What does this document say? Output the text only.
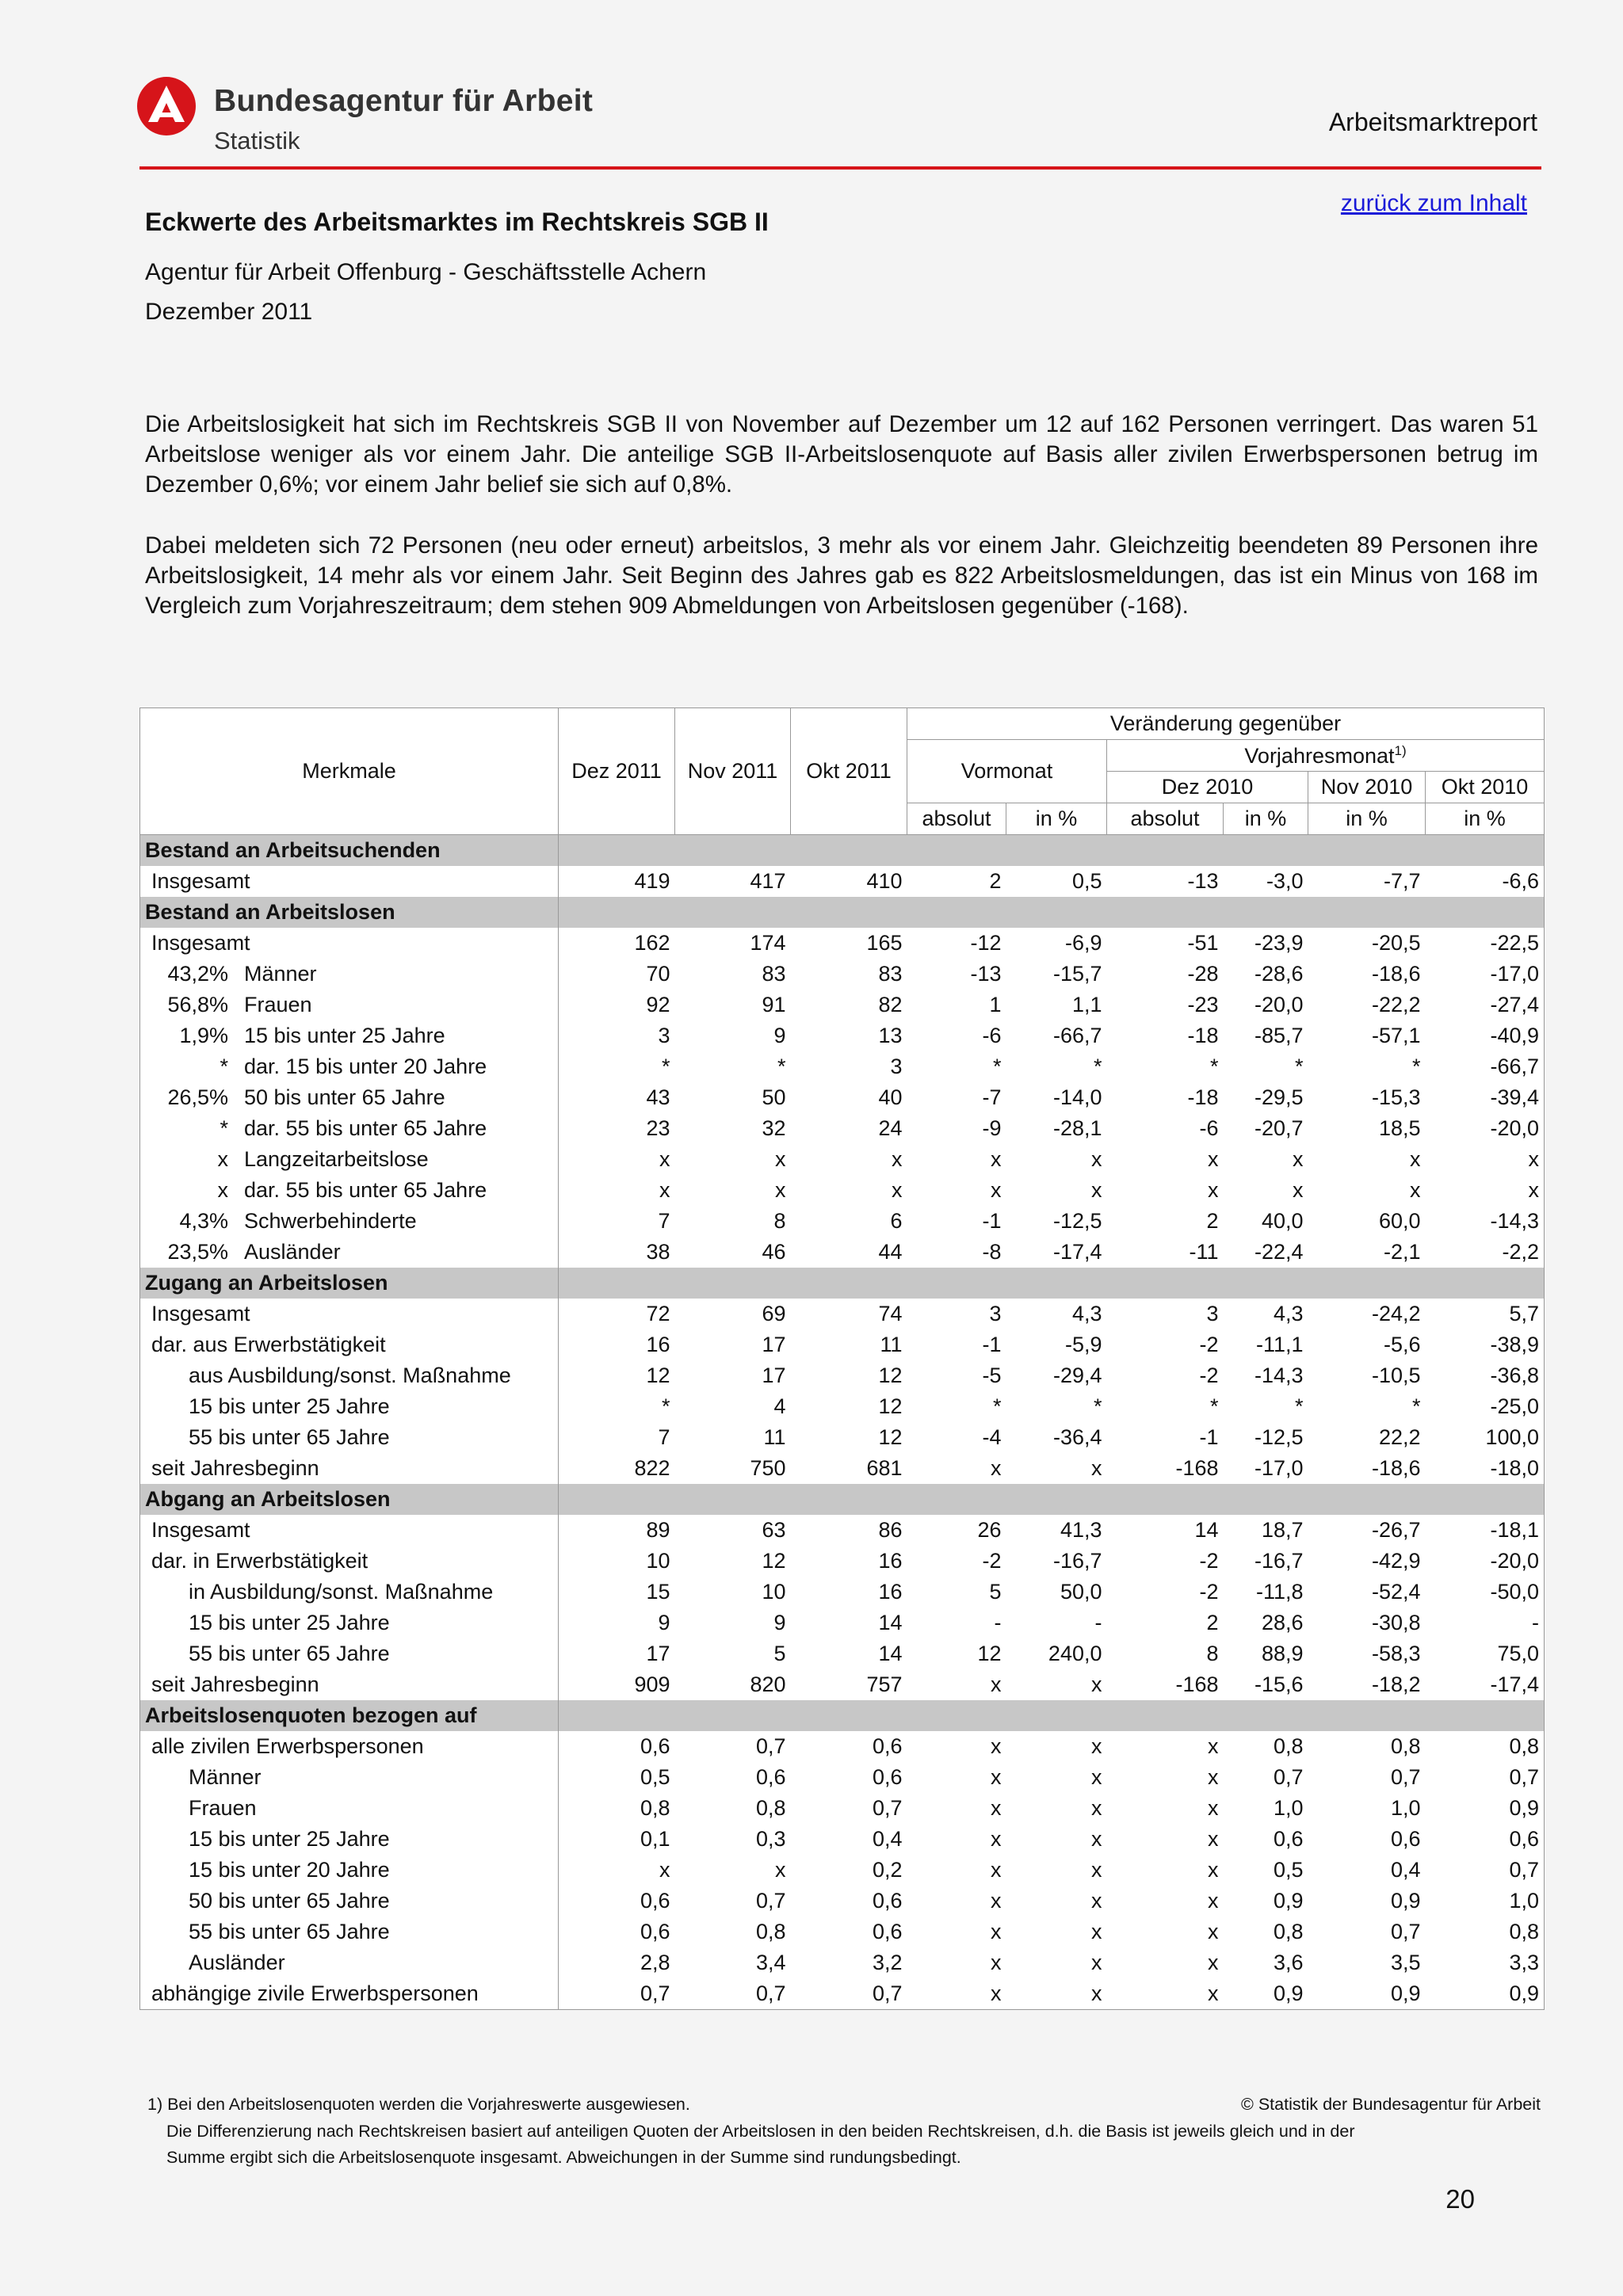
Bundesagentur für Arbeit
Statistik
Arbeitsmarktreport
zurück zum Inhalt
Eckwerte des Arbeitsmarktes im Rechtskreis SGB II
Agentur für Arbeit Offenburg - Geschäftsstelle Achern
Dezember 2011
Die Arbeitslosigkeit hat sich im Rechtskreis SGB II von November auf Dezember um 12 auf 162 Personen verringert. Das waren 51 Arbeitslose weniger als vor einem Jahr. Die anteilige SGB II-Arbeitslosenquote auf Basis aller zivilen Erwerbspersonen betrug im Dezember 0,6%; vor einem Jahr belief sie sich auf 0,8%.
Dabei meldeten sich 72 Personen (neu oder erneut) arbeitslos, 3 mehr als vor einem Jahr. Gleichzeitig beendeten 89 Personen ihre Arbeitslosigkeit, 14 mehr als vor einem Jahr. Seit Beginn des Jahres gab es 822 Arbeitslosmeldungen, das ist ein Minus von 168 im Vergleich zum Vorjahreszeitraum; dem stehen 909 Abmeldungen von Arbeitslosen gegenüber (-168).
Merkmale	Dez 2011	Nov 2011	Okt 2011	Veränderung gegenüber					
				Vormonat		Vorjahresmonat$^{1)}$
						Dez 2010		Nov 2010	Okt 2010
				absolut	in %	absolut	in %	in %	in %
Bestand an Arbeitsuchenden									
Insgesamt	419	417	410	2	0,5	-13	-3,0	-7,7	-6,6
Bestand an Arbeitslosen									
Insgesamt	162	174	165	-12	-6,9	-51	-23,9	-20,5	-22,5
43,2% Männer	70	83	83	-13	-15,7	-28	-28,6	-18,6	-17,0
56,8% Frauen	92	91	82	1	1,1	-23	-20,0	-22,2	-27,4
1,9% 15 bis unter 25 Jahre	3	9	13	-6	-66,7	-18	-85,7	-57,1	-40,9
* dar. 15 bis unter 20 Jahre	*	*	3	*	*	*	*	*	-66,7
26,5% 50 bis unter 65 Jahre	43	50	40	-7	-14,0	-18	-29,5	-15,3	-39,4
* dar. 55 bis unter 65 Jahre	23	32	24	-9	-28,1	-6	-20,7	18,5	-20,0
x Langzeitarbeitslose	x	x	x	x	x	x	x	x	x
x dar. 55 bis unter 65 Jahre	x	x	x	x	x	x	x	x	x
4,3% Schwerbehinderte	7	8	6	-1	-12,5	2	40,0	60,0	-14,3
23,5% Ausländer	38	46	44	-8	-17,4	-11	-22,4	-2,1	-2,2
Zugang an Arbeitslosen									
Insgesamt	72	69	74	3	4,3	3	4,3	-24,2	5,7
dar. aus Erwerbstätigkeit	16	17	11	-1	-5,9	-2	-11,1	-5,6	-38,9
aus Ausbildung/sonst. Maßnahme	12	17	12	-5	-29,4	-2	-14,3	-10,5	-36,8
15 bis unter 25 Jahre	*	4	12	*	*	*	*	*	-25,0
55 bis unter 65 Jahre	7	11	12	-4	-36,4	-1	-12,5	22,2	100,0
seit Jahresbeginn	822	750	681	x	x	-168	-17,0	-18,6	-18,0
Abgang an Arbeitslosen									
Insgesamt	89	63	86	26	41,3	14	18,7	-26,7	-18,1
dar. in Erwerbstätigkeit	10	12	16	-2	-16,7	-2	-16,7	-42,9	-20,0
in Ausbildung/sonst. Maßnahme	15	10	16	5	50,0	-2	-11,8	-52,4	-50,0
15 bis unter 25 Jahre	9	9	14	-	-	2	28,6	-30,8	-
55 bis unter 65 Jahre	17	5	14	12	240,0	8	88,9	-58,3	75,0
seit Jahresbeginn	909	820	757	x	x	-168	-15,6	-18,2	-17,4
Arbeitslosenquoten bezogen auf									
alle zivilen Erwerbspersonen	0,6	0,7	0,6	x	x	x	0,8	0,8	0,8
Männer	0,5	0,6	0,6	x	x	x	0,7	0,7	0,7
Frauen	0,8	0,8	0,7	x	x	x	1,0	1,0	0,9
15 bis unter 25 Jahre	0,1	0,3	0,4	x	x	x	0,6	0,6	0,6
15 bis unter 20 Jahre	x	x	0,2	x	x	x	0,5	0,4	0,7
50 bis unter 65 Jahre	0,6	0,7	0,6	x	x	x	0,9	0,9	1,0
55 bis unter 65 Jahre	0,6	0,8	0,6	x	x	x	0,8	0,7	0,8
Ausländer	2,8	3,4	3,2	x	x	x	3,6	3,5	3,3
abhängige zivile Erwerbspersonen	0,7	0,7	0,7	x	x	x	0,9	0,9	0,9
1) Bei den Arbeitslosenquoten werden die Vorjahreswerte ausgewiesen.
Die Differenzierung nach Rechtskreisen basiert auf anteiligen Quoten der Arbeitslosen in den beiden Rechtskreisen, d.h. die Basis ist jeweils gleich und in der
Summe ergibt sich die Arbeitslosenquote insgesamt. Abweichungen in der Summe sind rundungsbedingt.
© Statistik der Bundesagentur für Arbeit
20
